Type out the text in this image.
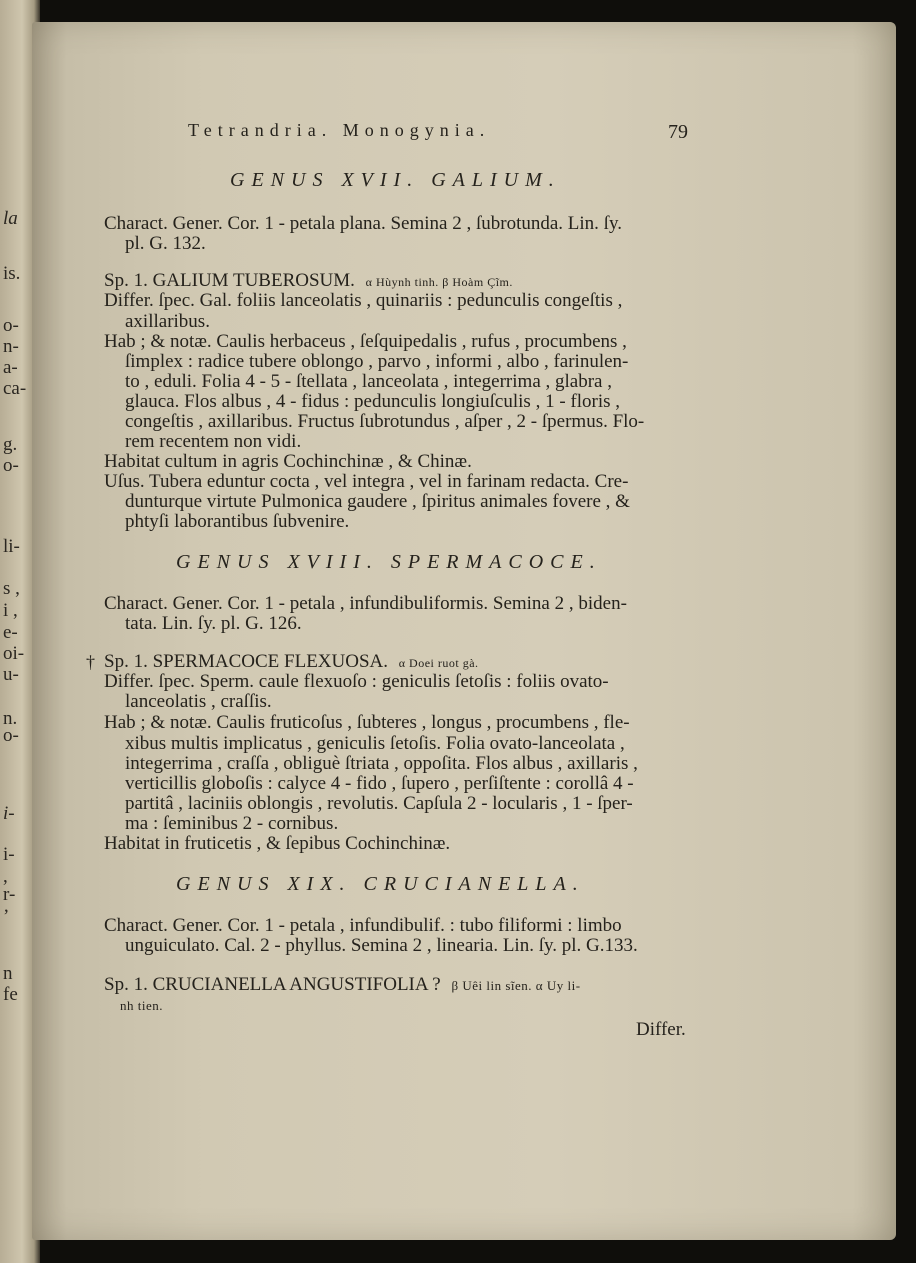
la
is.
o-
n-
a-
ca-
g.
o-
li-
s ,
i ,
e-
oi-
u-
n.
o-
i-
i-
,
r-
’
n
fe
Tetrandria. Monogynia.	79
GENUS XVII. GALIUM.
Charact. Gener. Cor. 1 - petala plana. Semina 2 , ſubrotunda. Lin. ſy.
pl. G. 132.
Sp. 1. GALIUM TUBEROSUM. α Hùynh tinh. β Hoàm Çĩm.
Differ. ſpec. Gal. foliis lanceolatis , quinariis : pedunculis congeſtis ,
axillaribus.
Hab ; & notæ. Caulis herbaceus , ſeſquipedalis , rufus , procumbens ,
ſimplex : radice tubere oblongo , parvo , informi , albo , farinulen-
to , eduli. Folia 4 - 5 - ſtellata , lanceolata , integerrima , glabra ,
glauca. Flos albus , 4 - fidus : pedunculis longiuſculis , 1 - floris ,
congeſtis , axillaribus. Fructus ſubrotundus , aſper , 2 - ſpermus. Flo-
rem recentem non vidi.
Habitat cultum in agris Cochinchinæ , & Chinæ.
Uſus. Tubera eduntur cocta , vel integra , vel in farinam redacta. Cre-
dunturque virtute Pulmonica gaudere , ſpiritus animales fovere , &
phtyſi laborantibus ſubvenire.
GENUS XVIII. SPERMACOCE.
Charact. Gener. Cor. 1 - petala , infundibuliformis. Semina 2 , biden-
tata. Lin. ſy. pl. G. 126.
† Sp. 1. SPERMACOCE FLEXUOSA. α Doei ruot gà.
Differ. ſpec. Sperm. caule flexuoſo : geniculis ſetoſis : foliis ovato-
lanceolatis , craſſis.
Hab ; & notæ. Caulis fruticoſus , ſubteres , longus , procumbens , fle-
xibus multis implicatus , geniculis ſetoſis. Folia ovato-lanceolata ,
integerrima , craſſa , obliguè ſtriata , oppoſita. Flos albus , axillaris ,
verticillis globoſis : calyce 4 - fido , ſupero , perſiſtente : corollâ 4 -
partitâ , laciniis oblongis , revolutis. Capſula 2 - locularis , 1 - ſper-
ma : ſeminibus 2 - cornibus.
Habitat in fruticetis , & ſepibus Cochinchinæ.
GENUS XIX. CRUCIANELLA.
Charact. Gener. Cor. 1 - petala , infundibulif. : tubo filiformi : limbo
unguiculato. Cal. 2 - phyllus. Semina 2 , linearia. Lin. ſy. pl. G.133.
Sp. 1. CRUCIANELLA ANGUSTIFOLIA ? β Uêi lin sĩen. α Uy li-
nh tien.
Differ.
